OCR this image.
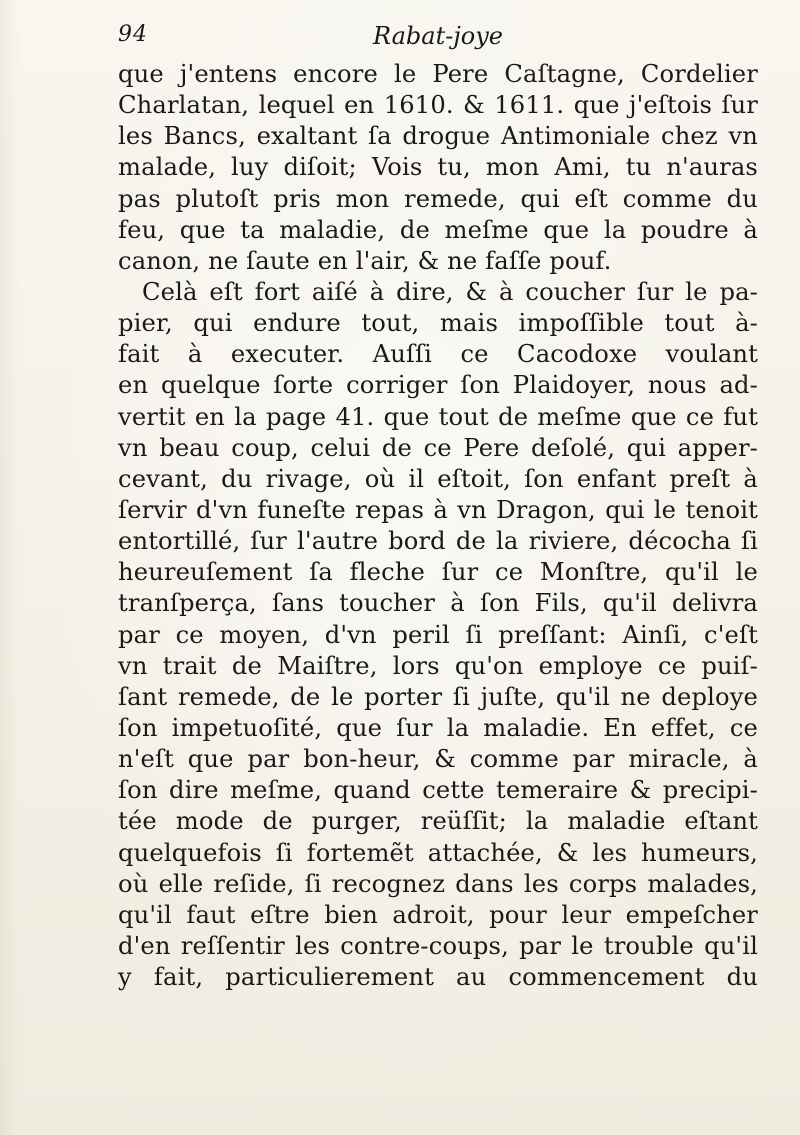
94	Rabat-joye
que j'entens encore le Pere Caſtagne, Cordelier
Charlatan, lequel en 1610. & 1611. que j'eſtois ſur
les Bancs, exaltant ſa drogue Antimoniale chez vn
malade, luy diſoit; Vois tu, mon Ami, tu n'auras
pas plutoſt pris mon remede, qui eſt comme du
feu, que ta maladie, de meſme que la poudre à
canon, ne ſaute en l'air, & ne faſſe pouf.
Celà eſt fort aiſé à dire, & à coucher ſur le pa-
pier, qui endure tout, mais impoſſible tout à-
fait à executer. Auſſi ce Cacodoxe voulant
en quelque ſorte corriger ſon Plaidoyer, nous ad-
vertit en la page 41. que tout de meſme que ce fut
vn beau coup, celui de ce Pere deſolé, qui apper-
cevant, du rivage, où il eſtoit, ſon enfant preſt à
ſervir d'vn funeſte repas à vn Dragon, qui le tenoit
entortillé, ſur l'autre bord de la riviere, décocha ſi
heureuſement ſa fleche ſur ce Monſtre, qu'il le
tranſperça, ſans toucher à ſon Fils, qu'il delivra
par ce moyen, d'vn peril ſi preſſant: Ainſi, c'eſt
vn trait de Maiſtre, lors qu'on employe ce puiſ-
ſant remede, de le porter ſi juſte, qu'il ne deploye
ſon impetuoſité, que ſur la maladie. En effet, ce
n'eſt que par bon-heur, & comme par miracle, à
ſon dire meſme, quand cette temeraire & precipi-
tée mode de purger, reüſſit; la maladie eſtant
quelquefois ſi fortemẽt attachée, & les humeurs,
où elle reſide, ſi recognez dans les corps malades,
qu'il faut eſtre bien adroit, pour leur empeſcher
d'en reſſentir les contre-coups, par le trouble qu'il
y fait, particulierement au commencement du
